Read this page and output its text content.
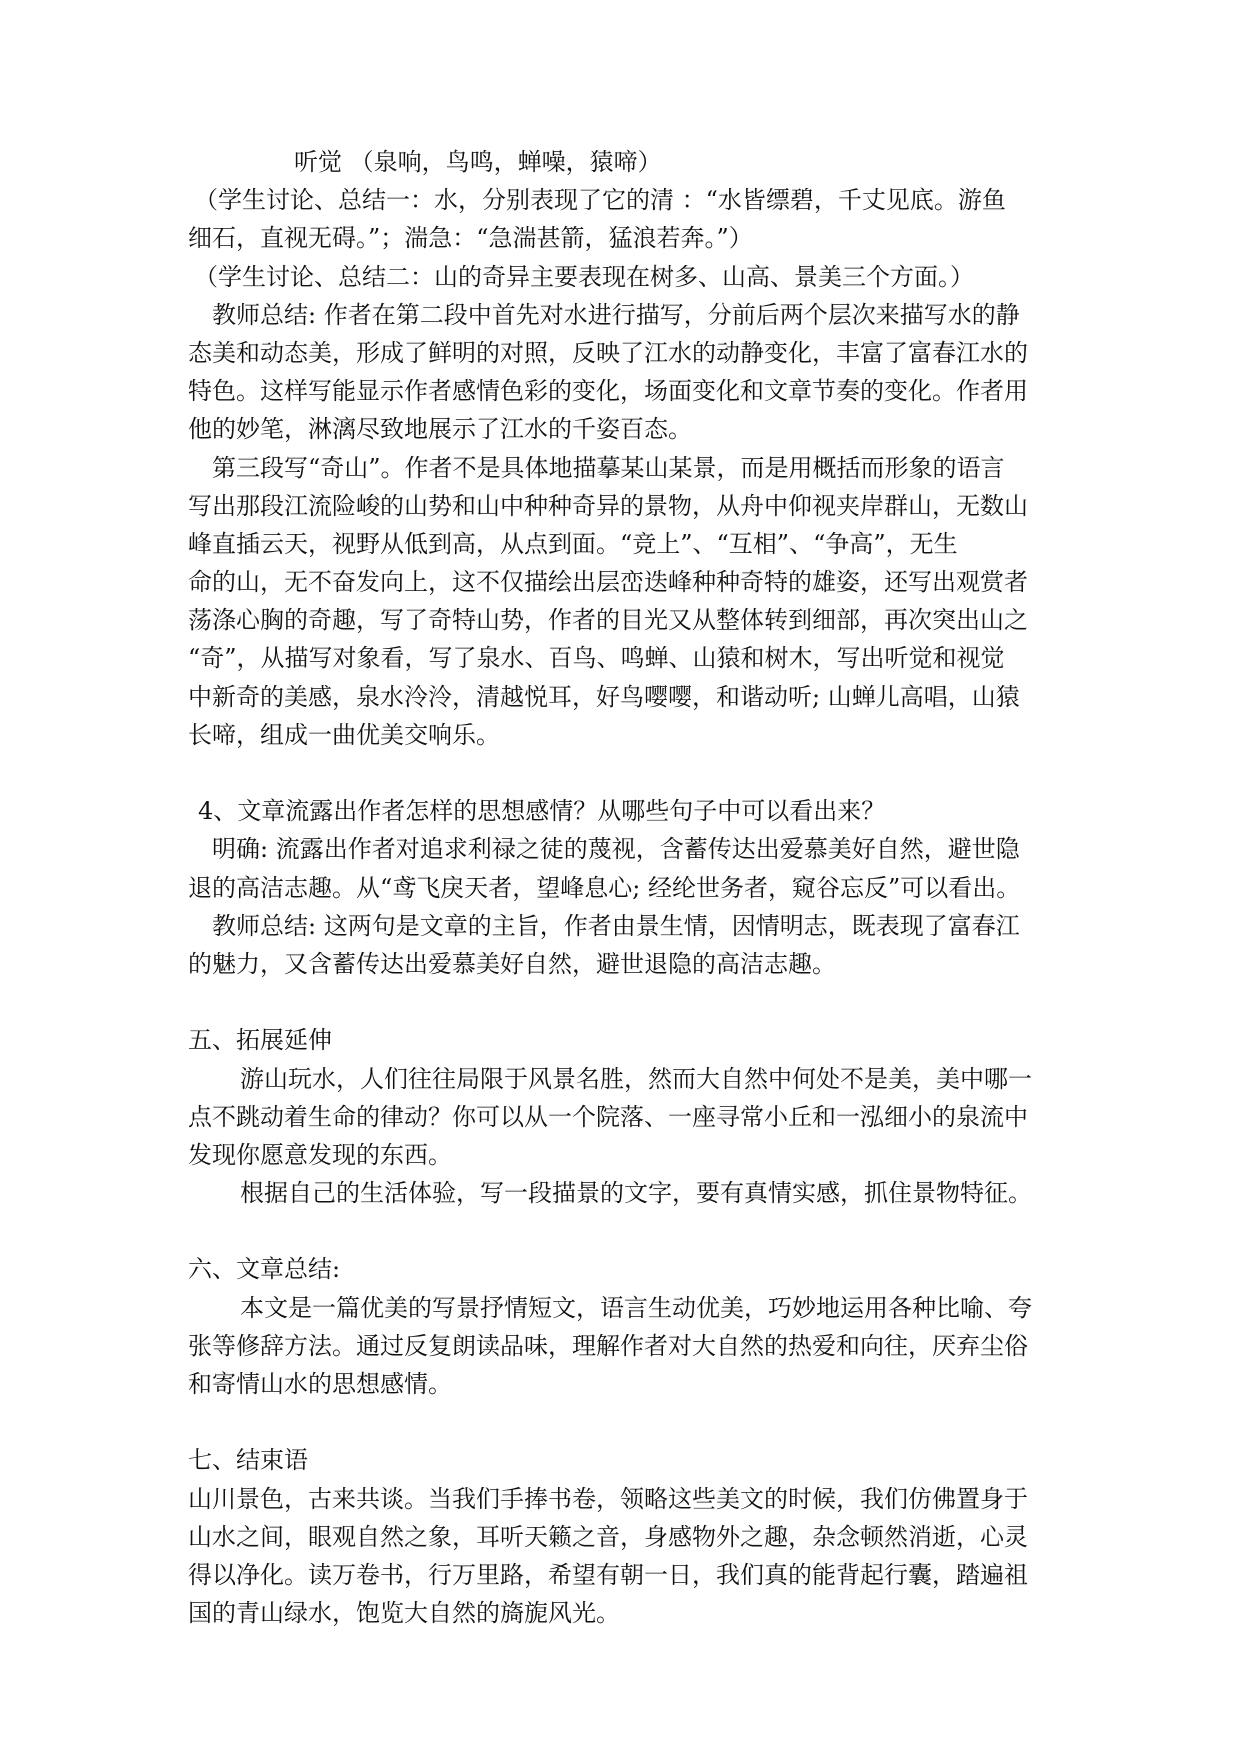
听觉 （泉响，鸟鸣，蝉噪，猿啼）
（学生讨论、总结一：水，分别表现了它的清 ：“水皆缥碧，千丈见底。游鱼
细石，直视无碍。”；湍急：“急湍甚箭，猛浪若奔。”）
（学生讨论、总结二：山的奇异主要表现在树多、山高、景美三个方面。）
教师总结: 作者在第二段中首先对水进行描写，分前后两个层次来描写水的静
态美和动态美，形成了鲜明的对照，反映了江水的动静变化，丰富了富春江水的
特色。这样写能显示作者感情色彩的变化，场面变化和文章节奏的变化。作者用
他的妙笔，淋漓尽致地展示了江水的千姿百态。
第三段写“奇山”。作者不是具体地描摹某山某景，而是用概括而形象的语言
写出那段江流险峻的山势和山中种种奇异的景物，从舟中仰视夹岸群山，无数山
峰直插云天，视野从低到高，从点到面。“竞上”、“互相”、“争高”，无生
命的山，无不奋发向上，这不仅描绘出层峦迭峰种种奇特的雄姿，还写出观赏者
荡涤心胸的奇趣，写了奇特山势，作者的目光又从整体转到细部，再次突出山之
“奇”，从描写对象看，写了泉水、百鸟、鸣蝉、山猿和树木，写出听觉和视觉
中新奇的美感，泉水泠泠，清越悦耳，好鸟嘤嘤，和谐动听; 山蝉儿高唱，山猿
长啼，组成一曲优美交响乐。
4、文章流露出作者怎样的思想感情？从哪些句子中可以看出来？
明确: 流露出作者对追求利禄之徒的蔑视，含蓄传达出爱慕美好自然，避世隐
退的高洁志趣。从“鸢飞戾天者，望峰息心; 经纶世务者，窥谷忘反”可以看出。
教师总结: 这两句是文章的主旨，作者由景生情，因情明志，既表现了富春江
的魅力，又含蓄传达出爱慕美好自然，避世退隐的高洁志趣。
五、拓展延伸
游山玩水，人们往往局限于风景名胜，然而大自然中何处不是美，美中哪一
点不跳动着生命的律动？你可以从一个院落、一座寻常小丘和一泓细小的泉流中
发现你愿意发现的东西。
根据自己的生活体验，写一段描景的文字，要有真情实感，抓住景物特征。
六、文章总结:
本文是一篇优美的写景抒情短文，语言生动优美，巧妙地运用各种比喻、夸
张等修辞方法。通过反复朗读品味，理解作者对大自然的热爱和向往，厌弃尘俗
和寄情山水的思想感情。
七、结束语
山川景色，古来共谈。当我们手捧书卷，领略这些美文的时候，我们仿佛置身于
山水之间，眼观自然之象，耳听天籁之音，身感物外之趣，杂念顿然消逝，心灵
得以净化。读万卷书，行万里路，希望有朝一日，我们真的能背起行囊，踏遍祖
国的青山绿水，饱览大自然的旖旎风光。
